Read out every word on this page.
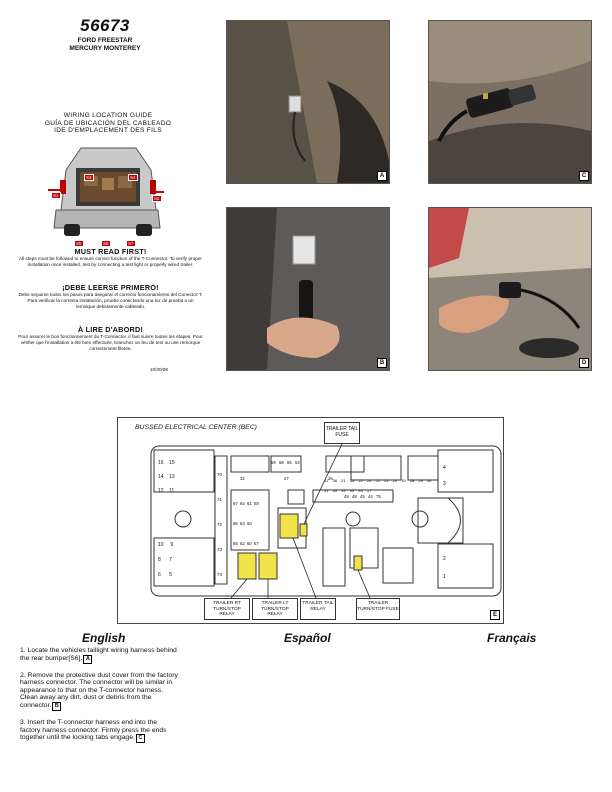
56673
FORD FREESTAR
MERCURY MONTEREY
WIRING LOCATION GUIDE
GUÍA DE UBICACIÓN DEL CABLEADO
IDE D'EMPLACEMENT DES FILS
S3	S4
S1
S2
S5	S6	S7
MUST READ FIRST!
All steps must be followed to ensure correct function of the T-Connector. To verify proper installation once installed, test by connecting a test light or properly wired trailer.
¡DEBE LEERSE PRIMERO!
Debe seguirse todos los pasos para asegurar el correcto funcionamiento del Conector-T. Para verificar la correcta instalación, pruebe conectando una luz de prueba o un remolque debidamente cableado.
À LIRE D'ABORD!
Pour assurer le bon fonctionnement du T-Connector, il faut suivre toutes les étapes. Pour vérifier que l'installation a été bien effectuée, branchez un feu de test ou une remorque correctement filetée.
10/30/08
A	C
B	D
BUSSED ELECTRICAL CENTER (BEC)	TRAILER TAIL FUSE
16 15
14 13
12 11
10 9
8 7
6 5
4
3
2
1
70
71
72
73
74
59 58 55 54
67 64 61 58
66 63 60
65 62 60 57
32	27	26
49 48 45 44 75
41 38 21 34 25 24 22 23 20 19 28 29 30 31 33 39 40 43 17
TRAILER RT TURN/STOP RELAY
TRAILER LT TURN/STOP RELAY
TRAILER TAIL RELAY
TRAILER TURN/STOP FUSE
E
English	Español	Français
1. Locate the vehicles taillight wiring harness behind the rear bumper[S6]. A
2. Remove the protective dust cover from the factory harness connector. The connector will be similar in appearance to that on the T-connector harness. Clean away any dirt, dust or debris from the connector. B
3. Insert the T-connector harness end into the factory harness connector. Firmly press the ends together until the locking tabs engage. C
